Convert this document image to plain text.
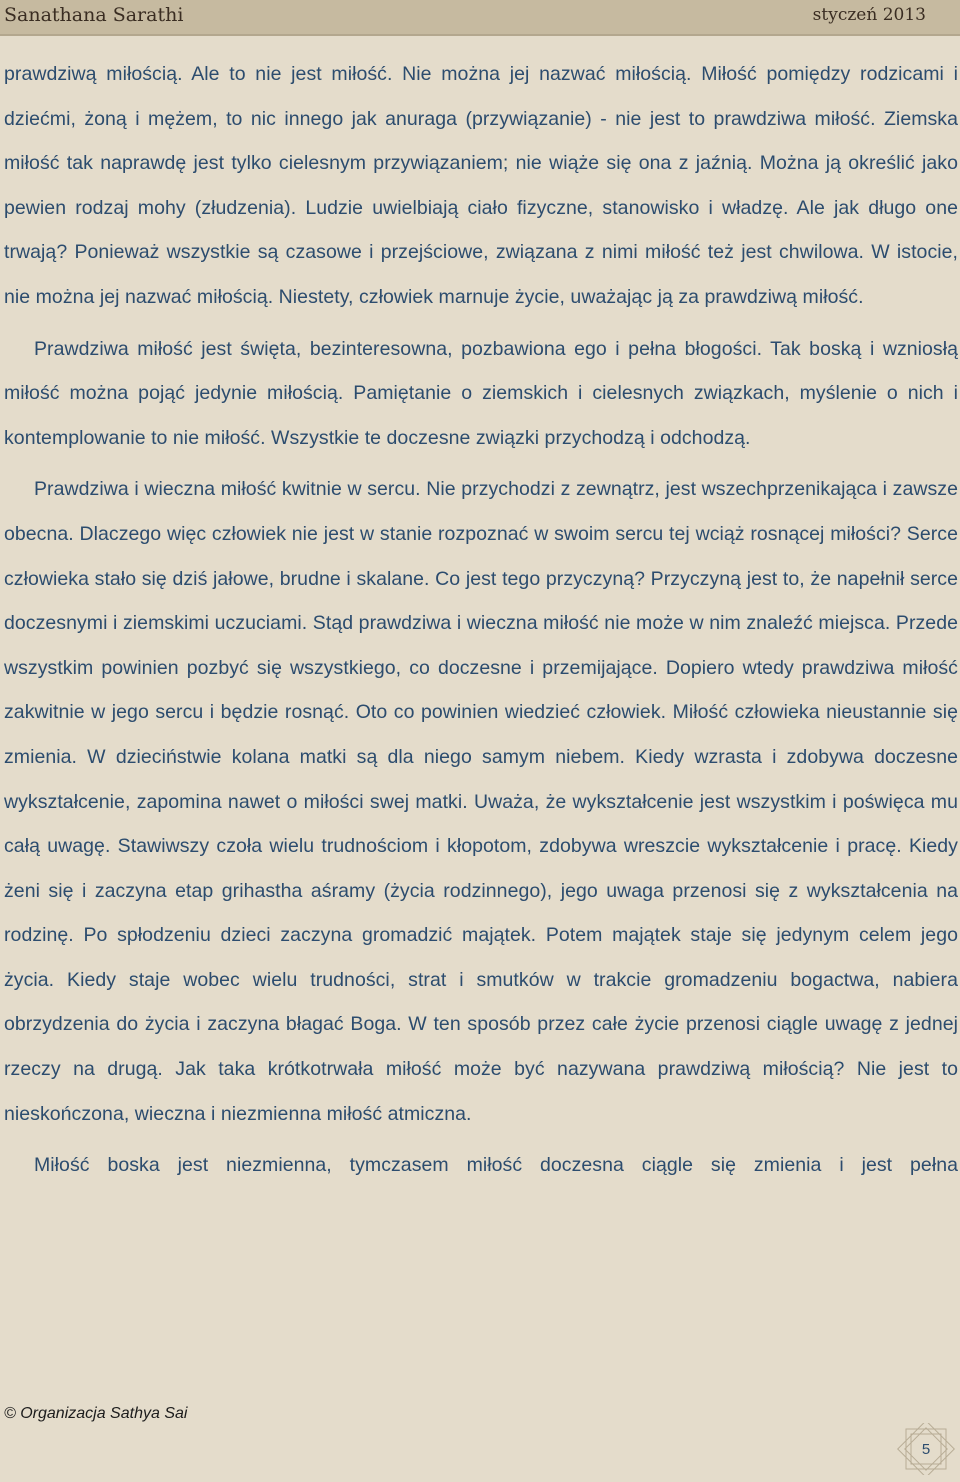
Sanathana Sarathi	styczeń 2013

prawdziwą miłością. Ale to nie jest miłość. Nie można jej nazwać miłością. Miłość pomiędzy rodzicami i dziećmi, żoną i mężem, to nic innego jak anuraga (przywiązanie) - nie jest to prawdziwa miłość. Ziemska miłość tak naprawdę jest tylko cielesnym przywiązaniem; nie wiąże się ona z jaźnią. Można ją określić jako pewien rodzaj mohy (złudzenia). Ludzie uwielbiają ciało fizyczne, stanowisko i władzę. Ale jak długo one trwają? Ponieważ wszystkie są czasowe i przejściowe, związana z nimi miłość też jest chwilowa. W istocie, nie można jej nazwać miłością. Niestety, człowiek marnuje życie, uważając ją za prawdziwą miłość.

Prawdziwa miłość jest święta, bezinteresowna, pozbawiona ego i pełna błogości. Tak boską i wzniosłą miłość można pojąć jedynie miłością. Pamiętanie o ziemskich i cielesnych związkach, myślenie o nich i kontemplowanie to nie miłość. Wszystkie te doczesne związki przychodzą i odchodzą.

Prawdziwa i wieczna miłość kwitnie w sercu. Nie przychodzi z zewnątrz, jest wszechprzenikająca i zawsze obecna. Dlaczego więc człowiek nie jest w stanie rozpoznać w swoim sercu tej wciąż rosnącej miłości? Serce człowieka stało się dziś jałowe, brudne i skalane. Co jest tego przyczyną? Przyczyną jest to, że napełnił serce doczesnymi i ziemskimi uczuciami. Stąd prawdziwa i wieczna miłość nie może w nim znaleźć miejsca. Przede wszystkim powinien pozbyć się wszystkiego, co doczesne i przemijające. Dopiero wtedy prawdziwa miłość zakwitnie w jego sercu i będzie rosnąć. Oto co powinien wiedzieć człowiek. Miłość człowieka nieustannie się zmienia. W dzieciństwie kolana matki są dla niego samym niebem. Kiedy wzrasta i zdobywa doczesne wykształcenie, zapomina nawet o miłości swej matki. Uważa, że wykształcenie jest wszystkim i poświęca mu całą uwagę. Stawiwszy czoła wielu trudnościom i kłopotom, zdobywa wreszcie wykształcenie i pracę. Kiedy żeni się i zaczyna etap grihastha aśramy (życia rodzinnego), jego uwaga przenosi się z wykształcenia na rodzinę. Po spłodzeniu dzieci zaczyna gromadzić majątek. Potem majątek staje się jedynym celem jego życia. Kiedy staje wobec wielu trudności, strat i smutków w trakcie gromadzeniu bogactwa, nabiera obrzydzenia do życia i zaczyna błagać Boga. W ten sposób przez całe życie przenosi ciągle uwagę z jednej rzeczy na drugą. Jak taka krótkotrwała miłość może być nazywana prawdziwą miłością? Nie jest to nieskończona, wieczna i niezmienna miłość atmiczna.

Miłość boska jest niezmienna, tymczasem miłość doczesna ciągle się zmienia i jest pełna

© Organizacja Sathya Sai
5
